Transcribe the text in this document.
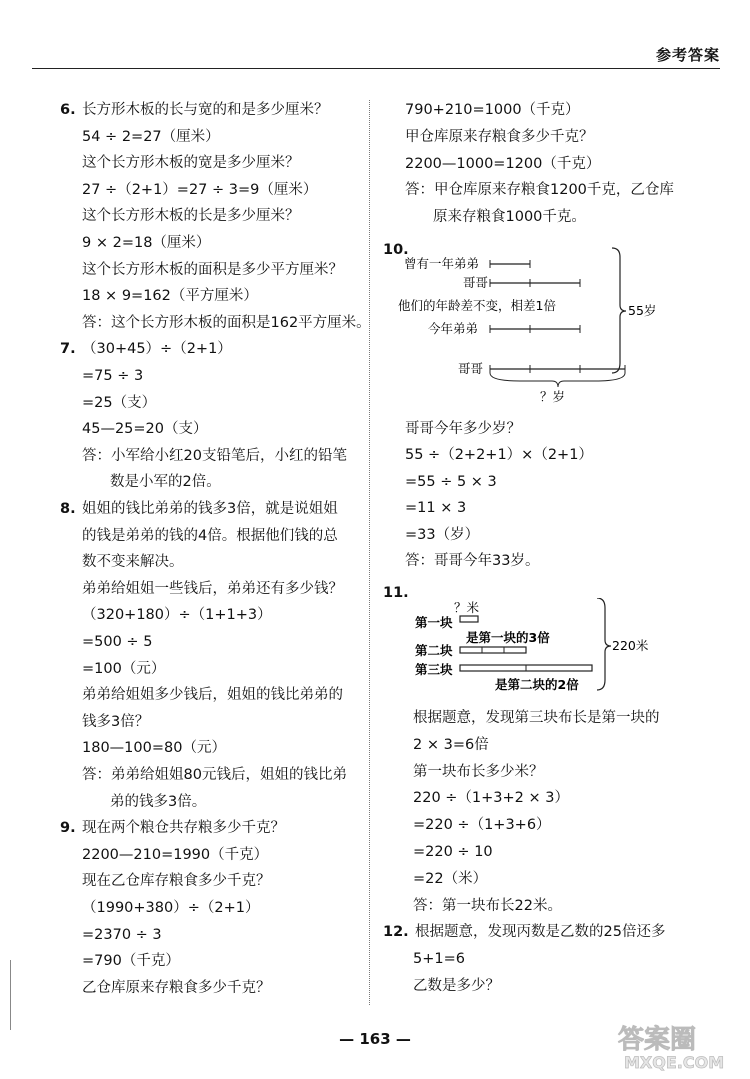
参考答案
6. 长方形木板的长与宽的和是多少厘米？
54 ÷ 2=27（厘米）
这个长方形木板的宽是多少厘米？
27 ÷（2+1）=27 ÷ 3=9（厘米）
这个长方形木板的长是多少厘米？
9 × 2=18（厘米）
这个长方形木板的面积是多少平方厘米？
18 × 9=162（平方厘米）
答：这个长方形木板的面积是162平方厘米。
7. （30+45）÷（2+1）
=75 ÷ 3
=25（支）
45—25=20（支）
答：小军给小红20支铅笔后，小红的铅笔
数是小军的2倍。
8. 姐姐的钱比弟弟的钱多3倍，就是说姐姐
的钱是弟弟的钱的4倍。根据他们钱的总
数不变来解决。
弟弟给姐姐一些钱后，弟弟还有多少钱？
（320+180）÷（1+1+3）
=500 ÷ 5
=100（元）
弟弟给姐姐多少钱后，姐姐的钱比弟弟的
钱多3倍？
180—100=80（元）
答：弟弟给姐姐80元钱后，姐姐的钱比弟
弟的钱多3倍。
9. 现在两个粮仓共存粮多少千克？
2200—210=1990（千克）
现在乙仓库存粮食多少千克？
（1990+380）÷（2+1）
=2370 ÷ 3
=790（千克）
乙仓库原来存粮食多少千克？
790+210=1000（千克）
甲仓库原来存粮食多少千克？
2200—1000=1200（千克）
答：甲仓库原来存粮食1200千克，乙仓库
原来存粮食1000千克。
10.
哥哥今年多少岁？
55 ÷（2+2+1）×（2+1）
=55 ÷ 5 × 3
=11 × 3
=33（岁）
答：哥哥今年33岁。
11.
根据题意，发现第三块布长是第一块的
2 × 3=6倍
第一块布长多少米？
220 ÷（1+3+2 × 3）
=220 ÷（1+3+6）
=220 ÷ 10
=22（米）
答：第一块布长22米。
12. 根据题意，发现丙数是乙数的25倍还多
5+1=6
乙数是多少？
曾有一年弟弟
哥哥
他们的年龄差不变，相差1倍
今年弟弟
哥哥
？岁
55岁
？米
第一块
是第一块的3倍
第二块
第三块
是第二块的2倍
220米
— 163 —	答案圈
MXQE.COM
